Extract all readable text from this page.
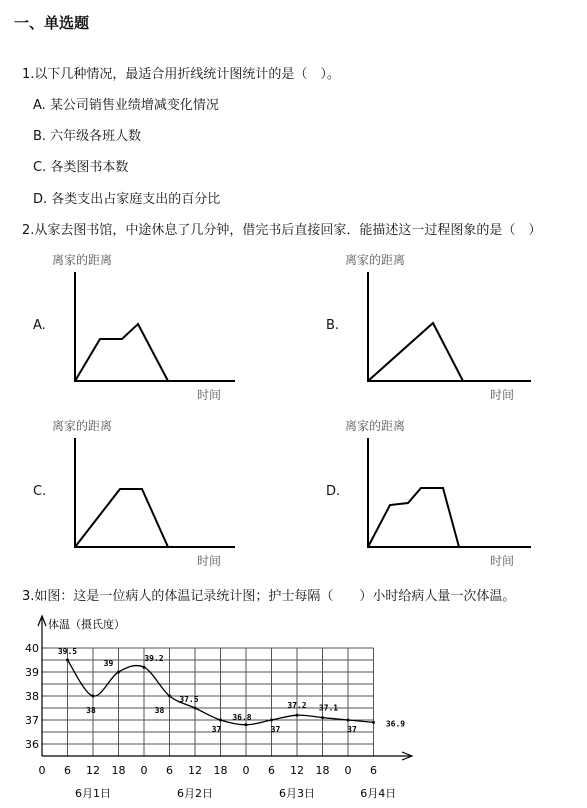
一、单选题
1.以下几种情况，最适合用折线统计图统计的是（　）。
A. 某公司销售业绩增减变化情况
B. 六年级各班人数
C. 各类图书本数
D. 各类支出占家庭支出的百分比
2.从家去图书馆，中途休息了几分钟，借完书后直接回家．能描述这一过程图象的是（　）
A.
离家的距离
时间
B.
离家的距离
时间
C.
离家的距离
时间
D.
离家的距离
时间
3.如图：这是一位病人的体温记录统计图；护士每隔（　　）小时给病人量一次体温。
40
39
38
37
36
0 6 12 18 0 6 12 18 0 6 12 18 0 6
6月1日	6月2日	6月3日	6月4日
体温（摄氏度）
39.5
38
39
39.2
38
37.5
37
36.8
37
37.2 37.1
37
36.9
